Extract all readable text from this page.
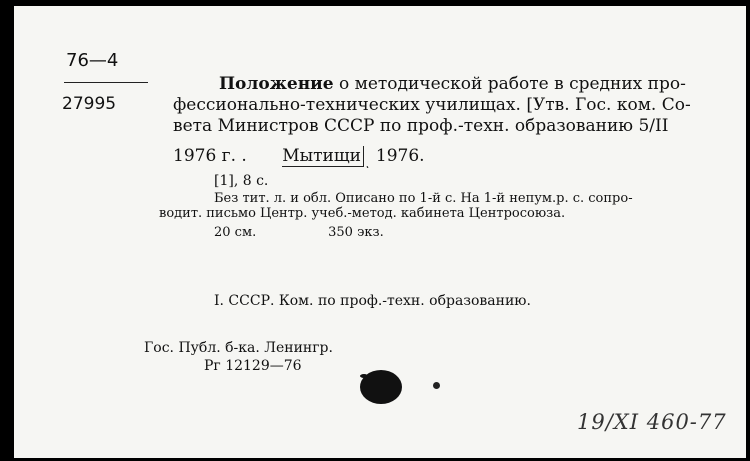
76—4
27995
Положение о методической работе в средних про-
фессионально-технических училищах. [Утв. Гос. ком. Со-
вета Министров СССР по проф.-техн. образованию 5/II
1976 г. . Мытищи $_ͺ$ 1976.
[1], 8 с.
Без тит. л. и обл. Описано по 1-й с. На 1-й непум.р. с. сопро-
водит. письмо Центр. учеб.-метод. кабинета Центросоюза.
20 см.	350 экз.
I. СССР. Ком. по проф.-техн. образованию.
Гос. Публ. б-ка. Ленингр.
Рг 12129—76
19/XI 460-77
